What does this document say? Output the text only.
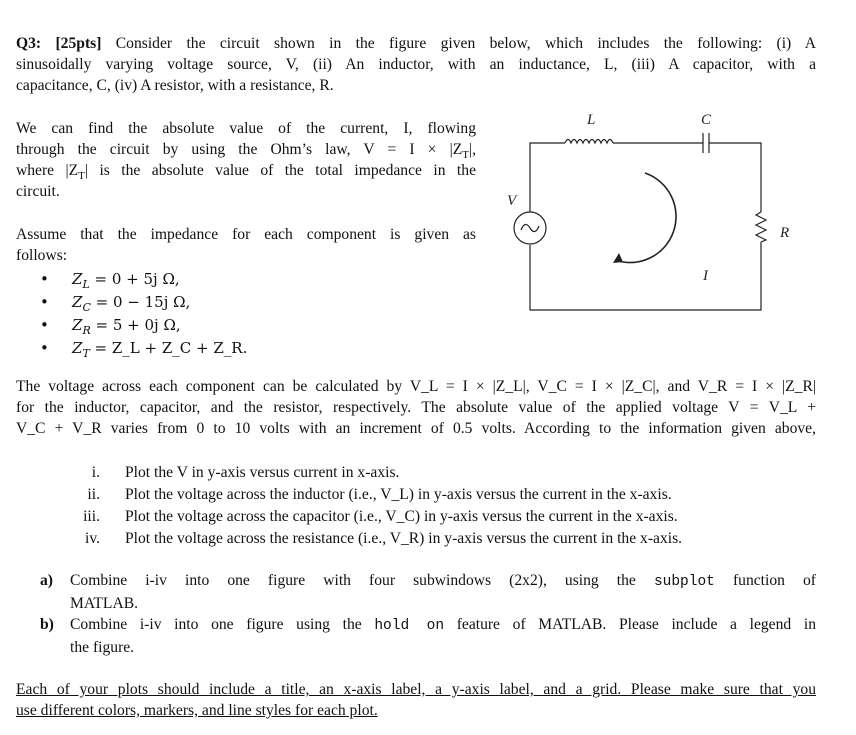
Q3: [25pts] Consider the circuit shown in the figure given below, which includes the following: (i) A
sinusoidally varying voltage source, V, (ii) An inductor, with an inductance, L, (iii) A capacitor, with a
capacitance, C, (iv) A resistor, with a resistance, R.
We can find the absolute value of the current, I, flowing
through the circuit by using the Ohm’s law, $V = I \times |Z_T|$,
where $|Z_T|$ is the absolute value of the total impedance in the
circuit.
Assume that the impedance for each component is given as
follows:
• $Z_L = 0 + 5j$ Ω,
• $Z_C = 0 - 15j$ Ω,
• $Z_R = 5 + 0j$ Ω,
• $Z_T$ = Z_L + Z_C + Z_R.
L	C
V
R
I
The voltage across each component can be calculated by V_L = I × |Z_L|, V_C = I × |Z_C|, and V_R = I × |Z_R|
for the inductor, capacitor, and the resistor, respectively. The absolute value of the applied voltage V = V_L +
V_C + V_R varies from 0 to 10 volts with an increment of 0.5 volts. According to the information given above,
i. Plot the V in y-axis versus current in x-axis.
ii. Plot the voltage across the inductor (i.e., V_L) in y-axis versus the current in the x-axis.
iii. Plot the voltage across the capacitor (i.e., V_C) in y-axis versus the current in the x-axis.
iv. Plot the voltage across the resistance (i.e., V_R) in y-axis versus the current in the x-axis.
a) Combine i-iv into one figure with four subwindows (2x2), using the subplot function of
MATLAB.
b) Combine i-iv into one figure using the hold on feature of MATLAB. Please include a legend in
the figure.
Each of your plots should include a title, an x-axis label, a y-axis label, and a grid. Please make sure that you
use different colors, markers, and line styles for each plot.
